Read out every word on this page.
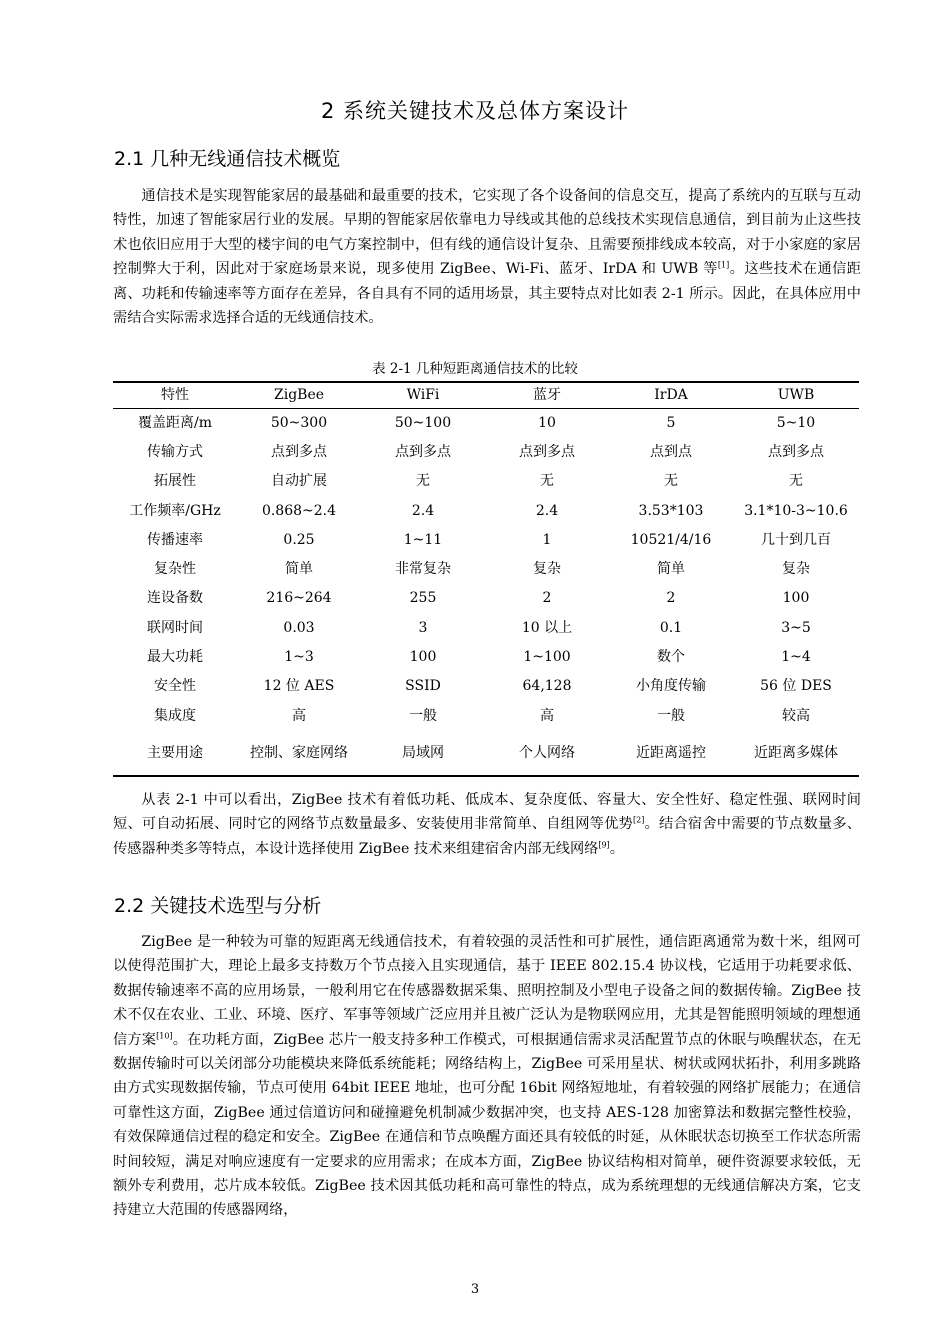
2 系统关键技术及总体方案设计
2.1 几种无线通信技术概览

通信技术是实现智能家居的最基础和最重要的技术，它实现了各个设备间的信息交互，提高了系统内的互联与互动特性，加速了智能家居行业的发展。早期的智能家居依靠电力导线或其他的总线技术实现信息通信，到目前为止这些技术也依旧应用于大型的楼宇间的电气方案控制中，但有线的通信设计复杂、且需要预排线成本较高，对于小家庭的家居控制弊大于利，因此对于家庭场景来说，现多使用 ZigBee、Wi-Fi、蓝牙、IrDA 和 UWB 等[1]。这些技术在通信距离、功耗和传输速率等方面存在差异，各自具有不同的适用场景，其主要特点对比如表 2-1 所示。因此，在具体应用中需结合实际需求选择合适的无线通信技术。

表 2-1 几种短距离通信技术的比较
特性	ZigBee	WiFi	蓝牙	IrDA	UWB
覆盖距离/m	50~300	50~100	10	5	5~10
传输方式	点到多点	点到多点	点到多点	点到点	点到多点
拓展性	自动扩展	无	无	无	无
工作频率/GHz	0.868~2.4	2.4	2.4	3.53*103	3.1*10-3~10.6
传播速率	0.25	1~11	1	10521/4/16	几十到几百
复杂性	简单	非常复杂	复杂	简单	复杂
连设备数	216~264	255	2	2	100
联网时间	0.03	3	10 以上	0.1	3~5
最大功耗	1~3	100	1~100	数个	1~4
安全性	12 位 AES	SSID	64,128	小角度传输	56 位 DES
集成度	高	一般	高	一般	较高
主要用途	控制、家庭网络	局域网	个人网络	近距离遥控	近距离多媒体

从表 2-1 中可以看出，ZigBee 技术有着低功耗、低成本、复杂度低、容量大、安全性好、稳定性强、联网时间短、可自动拓展、同时它的网络节点数量最多、安装使用非常简单、自组网等优势[2]。结合宿舍中需要的节点数量多、传感器种类多等特点，本设计选择使用 ZigBee 技术来组建宿舍内部无线网络[9]。

2.2 关键技术选型与分析

ZigBee 是一种较为可靠的短距离无线通信技术，有着较强的灵活性和可扩展性，通信距离通常为数十米，组网可以使得范围扩大，理论上最多支持数万个节点接入且实现通信，基于 IEEE 802.15.4 协议栈，它适用于功耗要求低、数据传输速率不高的应用场景，一般利用它在传感器数据采集、照明控制及小型电子设备之间的数据传输。ZigBee 技术不仅在农业、工业、环境、医疗、军事等领域广泛应用并且被广泛认为是物联网应用，尤其是智能照明领域的理想通信方案[10]。在功耗方面，ZigBee 芯片一般支持多种工作模式，可根据通信需求灵活配置节点的休眠与唤醒状态，在无数据传输时可以关闭部分功能模块来降低系统能耗；网络结构上，ZigBee 可采用星状、树状或网状拓扑，利用多跳路由方式实现数据传输，节点可使用 64bit IEEE 地址，也可分配 16bit 网络短地址，有着较强的网络扩展能力；在通信可靠性这方面，ZigBee 通过信道访问和碰撞避免机制减少数据冲突，也支持 AES-128 加密算法和数据完整性校验，有效保障通信过程的稳定和安全。ZigBee 在通信和节点唤醒方面还具有较低的时延，从休眠状态切换至工作状态所需时间较短，满足对响应速度有一定要求的应用需求；在成本方面，ZigBee 协议结构相对简单，硬件资源要求较低，无额外专利费用，芯片成本较低。ZigBee 技术因其低功耗和高可靠性的特点，成为系统理想的无线通信解决方案，它支持建立大范围的传感器网络，

3
